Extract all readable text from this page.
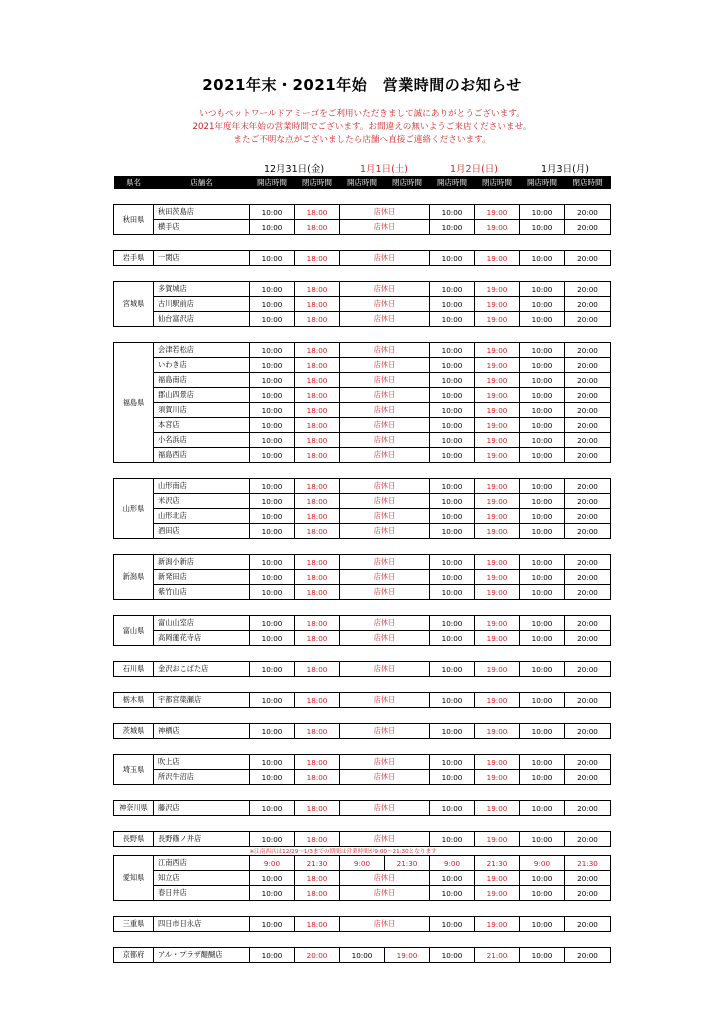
2021年末・2021年始　営業時間のお知らせ
いつもペットワールドアミーゴをご利用いただきまして誠にありがとうございます。
2021年度年末年始の営業時間でございます。お間違えの無いようご来店くださいませ。
またご不明な点がございましたら店舗へ直接ご連絡くださいます。
12月31日(金)	1月1日(土)	1月2日(日)	1月3日(月)
県名	店舗名	開店時間	閉店時間	開店時間	閉店時間	開店時間	閉店時間	開店時間	閉店時間

秋田県	秋田茨島店	10:00	18:00	店休日		10:00	19:00	10:00	20:00
	横手店	10:00	18:00	店休日		10:00	19:00	10:00	20:00

岩手県	一関店	10:00	18:00	店休日		10:00	19:00	10:00	20:00

宮城県	多賀城店	10:00	18:00	店休日		10:00	19:00	10:00	20:00
	古川駅前店	10:00	18:00	店休日		10:00	19:00	10:00	20:00
	仙台富沢店	10:00	18:00	店休日		10:00	19:00	10:00	20:00

福島県	会津若松店	10:00	18:00	店休日		10:00	19:00	10:00	20:00
	いわき店	10:00	18:00	店休日		10:00	19:00	10:00	20:00
	福島南店	10:00	18:00	店休日		10:00	19:00	10:00	20:00
	郡山四景店	10:00	18:00	店休日		10:00	19:00	10:00	20:00
	須賀川店	10:00	18:00	店休日		10:00	19:00	10:00	20:00
	本宮店	10:00	18:00	店休日		10:00	19:00	10:00	20:00
	小名浜店	10:00	18:00	店休日		10:00	19:00	10:00	20:00
	福島西店	10:00	18:00	店休日		10:00	19:00	10:00	20:00

山形県	山形南店	10:00	18:00	店休日		10:00	19:00	10:00	20:00
	米沢店	10:00	18:00	店休日		10:00	19:00	10:00	20:00
	山形北店	10:00	18:00	店休日		10:00	19:00	10:00	20:00
	酒田店	10:00	18:00	店休日		10:00	19:00	10:00	20:00

新潟県	新潟小新店	10:00	18:00	店休日		10:00	19:00	10:00	20:00
	新発田店	10:00	18:00	店休日		10:00	19:00	10:00	20:00
	紫竹山店	10:00	18:00	店休日		10:00	19:00	10:00	20:00

富山県	富山山室店	10:00	18:00	店休日		10:00	19:00	10:00	20:00
	高岡蓮花寺店	10:00	18:00	店休日		10:00	19:00	10:00	20:00

石川県	金沢おこばた店	10:00	18:00	店休日		10:00	19:00	10:00	20:00

栃木県	宇都宮簗瀬店	10:00	18:00	店休日		10:00	19:00	10:00	20:00

茨城県	神栖店	10:00	18:00	店休日		10:00	19:00	10:00	20:00

埼玉県	吹上店	10:00	18:00	店休日		10:00	19:00	10:00	20:00
	所沢牛沼店	10:00	18:00	店休日		10:00	19:00	10:00	20:00

神奈川県	藤沢店	10:00	18:00	店休日		10:00	19:00	10:00	20:00

長野県	長野篠ノ井店	10:00	18:00	店休日		10:00	19:00	10:00	20:00
		※江南西店は12/29～1/3までの期間は営業時間が9:00～21:30となります							
愛知県	江南西店	9:00	21:30	9:00	21:30	9:00	21:30	9:00	21:30
	知立店	10:00	18:00	店休日		10:00	19:00	10:00	20:00
	春日井店	10:00	18:00	店休日		10:00	19:00	10:00	20:00

三重県	四日市日永店	10:00	18:00	店休日		10:00	19:00	10:00	20:00

京都府	アル・プラザ醍醐店	10:00	20:00	10:00	19:00	10:00	21:00	10:00	20:00
